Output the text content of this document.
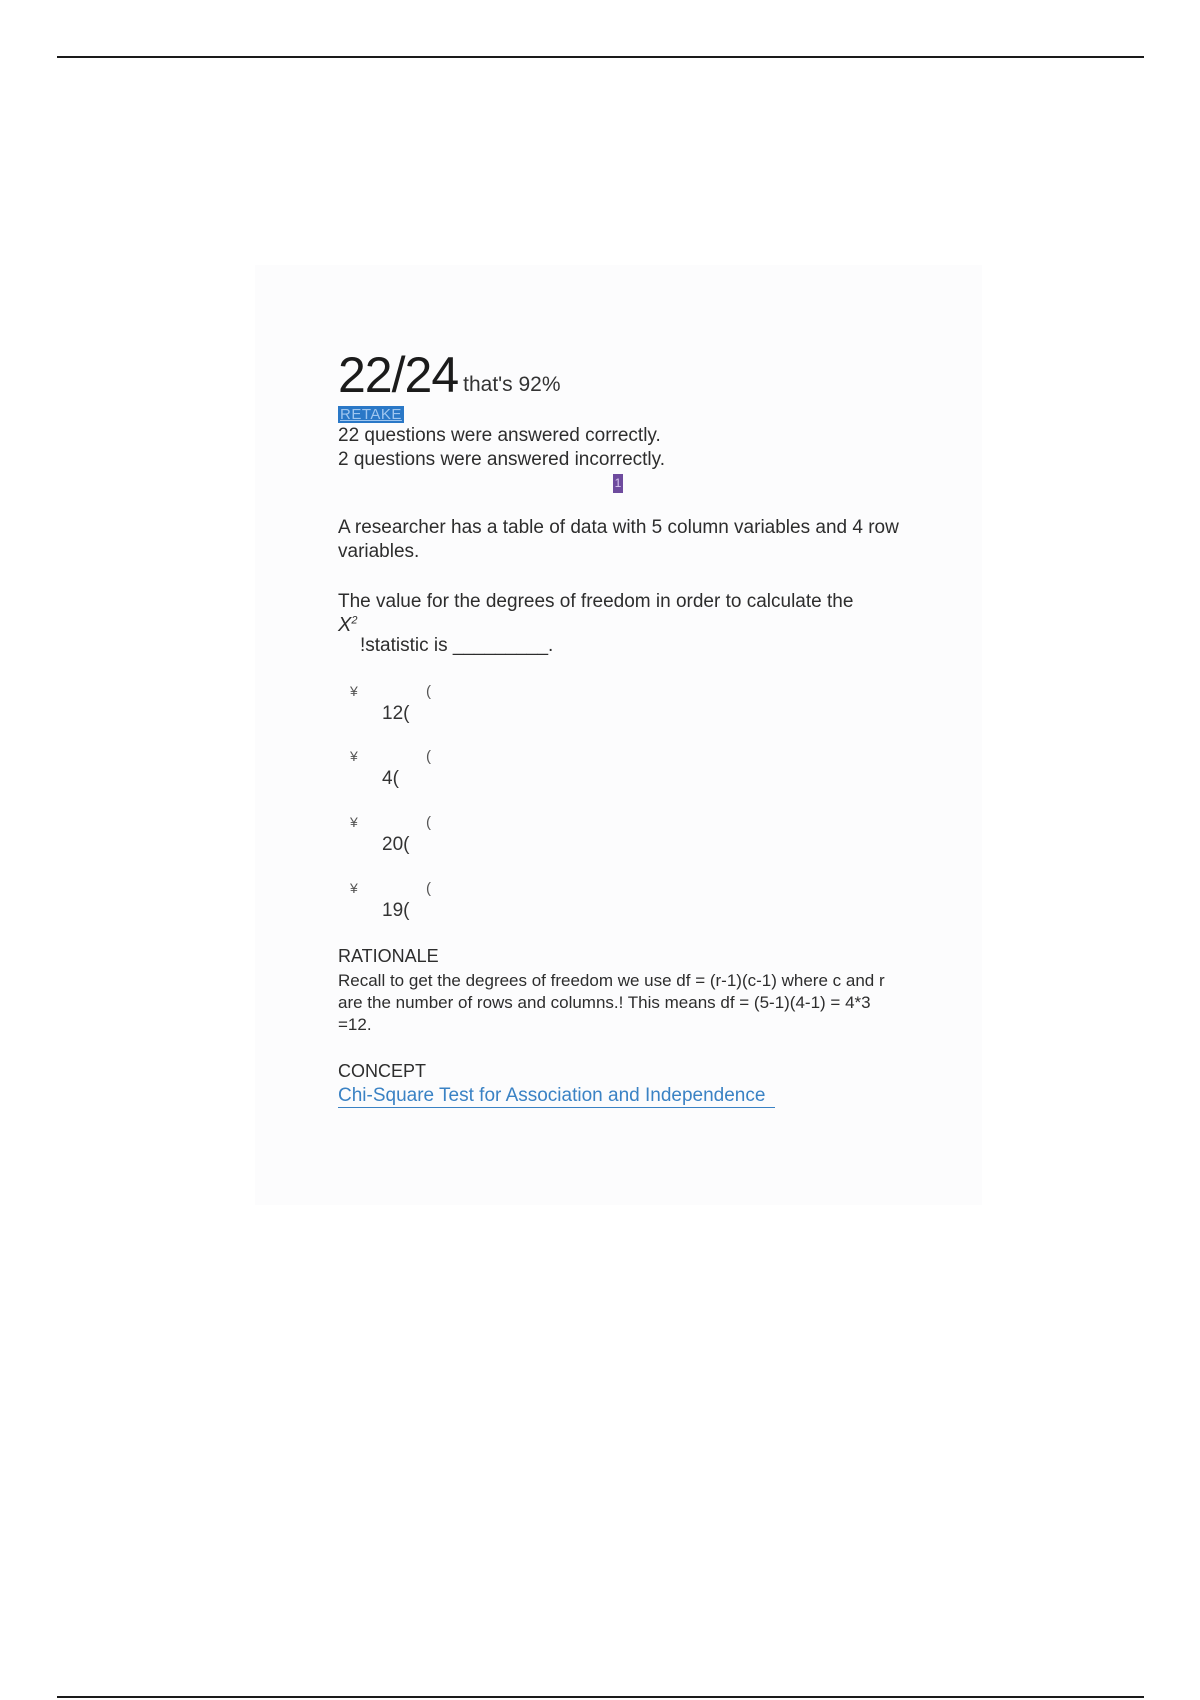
22/24 that's 92%
RETAKE
22 questions were answered correctly.
2 questions were answered incorrectly.
1
A researcher has a table of data with 5 column variables and 4 row variables.
The value for the degrees of freedom in order to calculate the
$X^2$
!statistic is _________.
¥	(
12(
¥	(
4(
¥	(
20(
¥	(
19(
RATIONALE
Recall to get the degrees of freedom we use df = (r-1)(c-1) where c and r are the number of rows and columns.! This means df = (5-1)(4-1) = 4*3 =12.
CONCEPT
Chi-Square Test for Association and Independence
